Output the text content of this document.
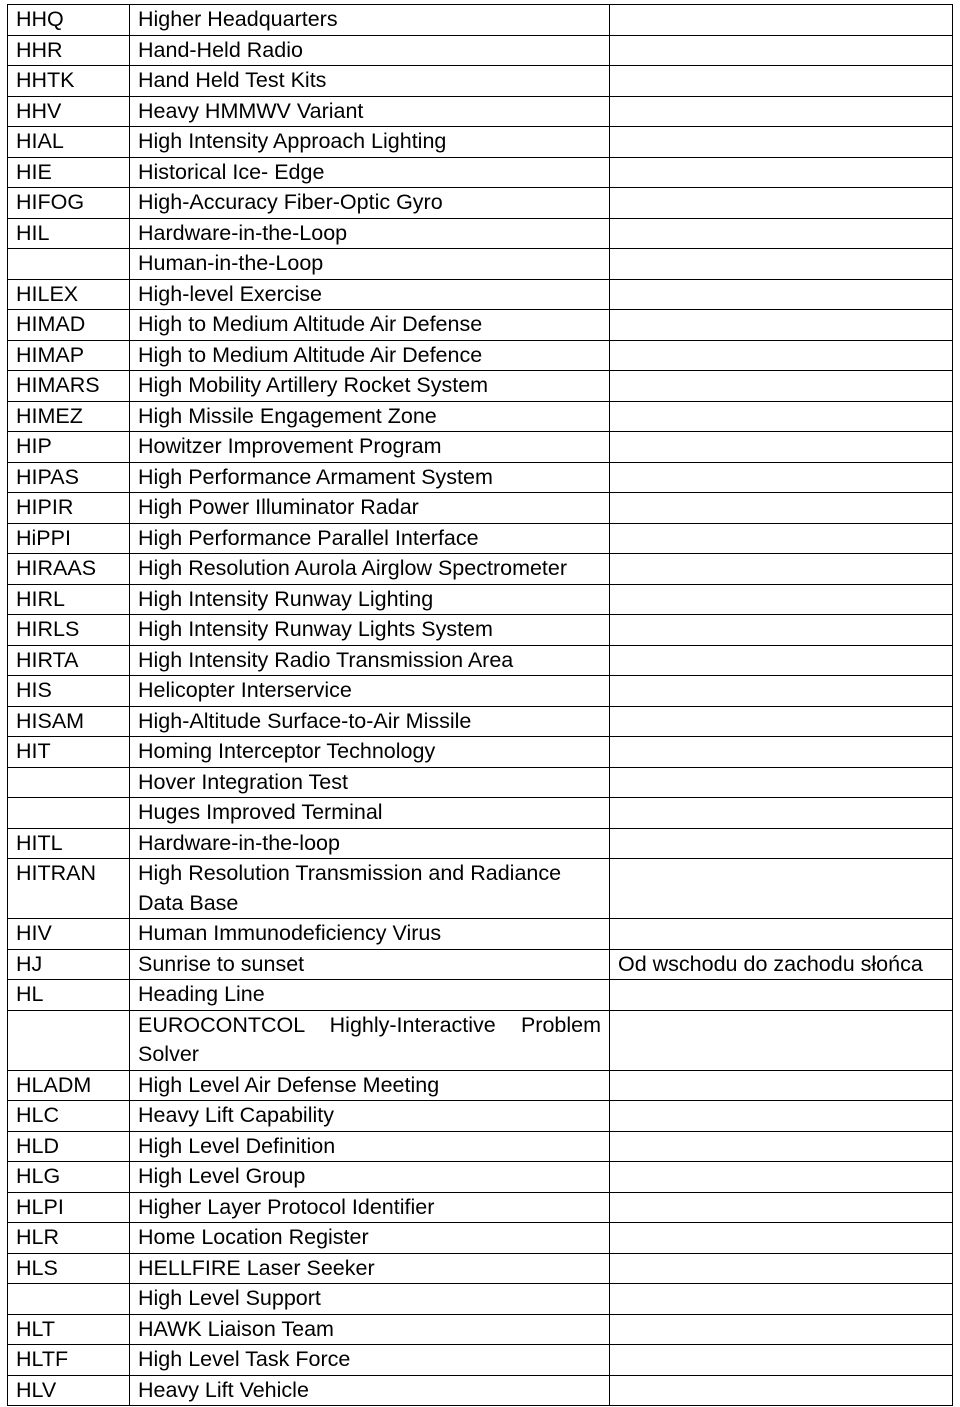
HHQ	Higher Headquarters	
HHR	Hand-Held Radio	
HHTK	Hand Held Test Kits	
HHV	Heavy HMMWV Variant	
HIAL	High Intensity Approach Lighting	
HIE	Historical Ice- Edge	
HIFOG	High-Accuracy Fiber-Optic Gyro	
HIL	Hardware-in-the-Loop	
	Human-in-the-Loop	
HILEX	High-level Exercise	
HIMAD	High to Medium Altitude Air Defense	
HIMAP	High to Medium Altitude Air Defence	
HIMARS	High Mobility Artillery Rocket System	
HIMEZ	High Missile Engagement Zone	
HIP	Howitzer Improvement Program	
HIPAS	High Performance Armament System	
HIPIR	High Power Illuminator Radar	
HiPPI	High Performance Parallel Interface	
HIRAAS	High Resolution Aurola Airglow Spectrometer	
HIRL	High Intensity Runway Lighting	
HIRLS	High Intensity Runway Lights System	
HIRTA	High Intensity Radio Transmission Area	
HIS	Helicopter Interservice	
HISAM	High-Altitude Surface-to-Air Missile	
HIT	Homing Interceptor Technology	
	Hover Integration Test	
	Huges Improved Terminal	
HITL	Hardware-in-the-loop	
HITRAN	High Resolution Transmission and Radiance Data Base	
HIV	Human Immunodeficiency Virus	
HJ	Sunrise to sunset	Od wschodu do zachodu słońca
HL	Heading Line	
	EUROCONTCOL Highly-Interactive Problem Solver	
HLADM	High Level Air Defense Meeting	
HLC	Heavy Lift Capability	
HLD	High Level Definition	
HLG	High Level Group	
HLPI	Higher Layer Protocol Identifier	
HLR	Home Location Register	
HLS	HELLFIRE Laser Seeker	
	High Level Support	
HLT	HAWK Liaison Team	
HLTF	High Level Task Force	
HLV	Heavy Lift Vehicle	
